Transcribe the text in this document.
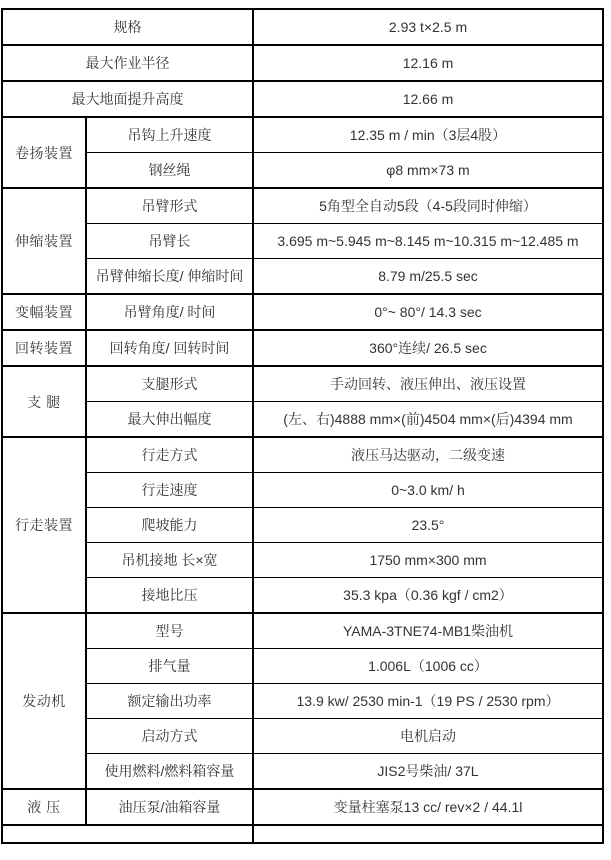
规格		2.93 t×2.5 m
最大作业半径		12.16 m
最大地面提升高度		12.66 m
卷扬装置	吊钩上升速度	12.35 m / min（3层4股）
	钢丝绳	φ8 mm×73 m
伸缩装置	吊臂形式	5角型全自动5段（4-5段同时伸缩）
	吊臂长	3.695 m~5.945 m~8.145 m~10.315 m~12.485 m
	吊臂伸缩长度/ 伸缩时间	8.79 m/25.5 sec
变幅装置	吊臂角度/ 时间	0°~ 80°/ 14.3 sec
回转装置	回转角度/ 回转时间	360°连续/ 26.5 sec
支 腿	支腿形式	手动回转、液压伸出、液压设置
	最大伸出幅度	(左、右)4888 mm×(前)4504 mm×(后)4394 mm
行走装置	行走方式	液压马达驱动，二级变速
	行走速度	0~3.0 km/ h
	爬坡能力	23.5°
	吊机接地 长×宽	1750 mm×300 mm
	接地比压	35.3 kpa（0.36 kgf / cm2）
发动机	型号	YAMA-3TNE74-MB1柴油机
	排气量	1.006L（1006 cc）
	额定输出功率	13.9 kw/ 2530 min-1（19 PS / 2530 rpm）
	启动方式	电机启动
	使用燃料/燃料箱容量	JIS2号柴油/ 37L
液 压	油压泵/油箱容量	变量柱塞泵13 cc/ rev×2 / 44.1l
